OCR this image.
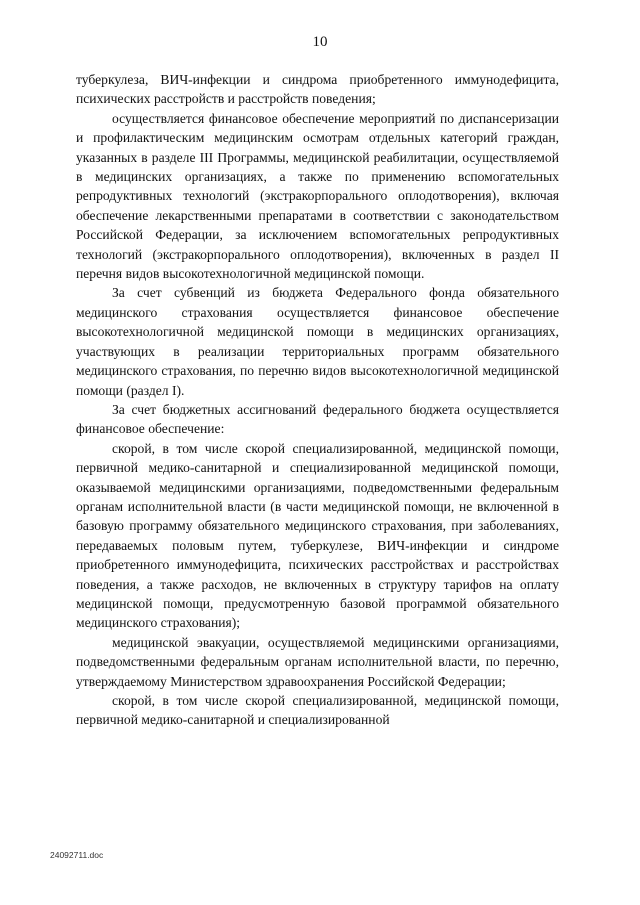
10

туберкулеза, ВИЧ-инфекции и синдрома приобретенного иммунодефицита, психических расстройств и расстройств поведения;

осуществляется финансовое обеспечение мероприятий по диспансеризации и профилактическим медицинским осмотрам отдельных категорий граждан, указанных в разделе III Программы, медицинской реабилитации, осуществляемой в медицинских организациях, а также по применению вспомогательных репродуктивных технологий (экстракорпорального оплодотворения), включая обеспечение лекарственными препаратами в соответствии с законодательством Российской Федерации, за исключением вспомогательных репродуктивных технологий (экстракорпорального оплодотворения), включенных в раздел II перечня видов высокотехнологичной медицинской помощи.

За счет субвенций из бюджета Федерального фонда обязательного медицинского страхования осуществляется финансовое обеспечение высокотехнологичной медицинской помощи в медицинских организациях, участвующих в реализации территориальных программ обязательного медицинского страхования, по перечню видов высокотехнологичной медицинской помощи (раздел I).

За счет бюджетных ассигнований федерального бюджета осуществляется финансовое обеспечение:

скорой, в том числе скорой специализированной, медицинской помощи, первичной медико-санитарной и специализированной медицинской помощи, оказываемой медицинскими организациями, подведомственными федеральным органам исполнительной власти (в части медицинской помощи, не включенной в базовую программу обязательного медицинского страхования, при заболеваниях, передаваемых половым путем, туберкулезе, ВИЧ-инфекции и синдроме приобретенного иммунодефицита, психических расстройствах и расстройствах поведения, а также расходов, не включенных в структуру тарифов на оплату медицинской помощи, предусмотренную базовой программой обязательного медицинского страхования);

медицинской эвакуации, осуществляемой медицинскими организациями, подведомственными федеральным органам исполнительной власти, по перечню, утверждаемому Министерством здравоохранения Российской Федерации;

скорой, в том числе скорой специализированной, медицинской помощи, первичной медико-санитарной и специализированной

24092711.doc
